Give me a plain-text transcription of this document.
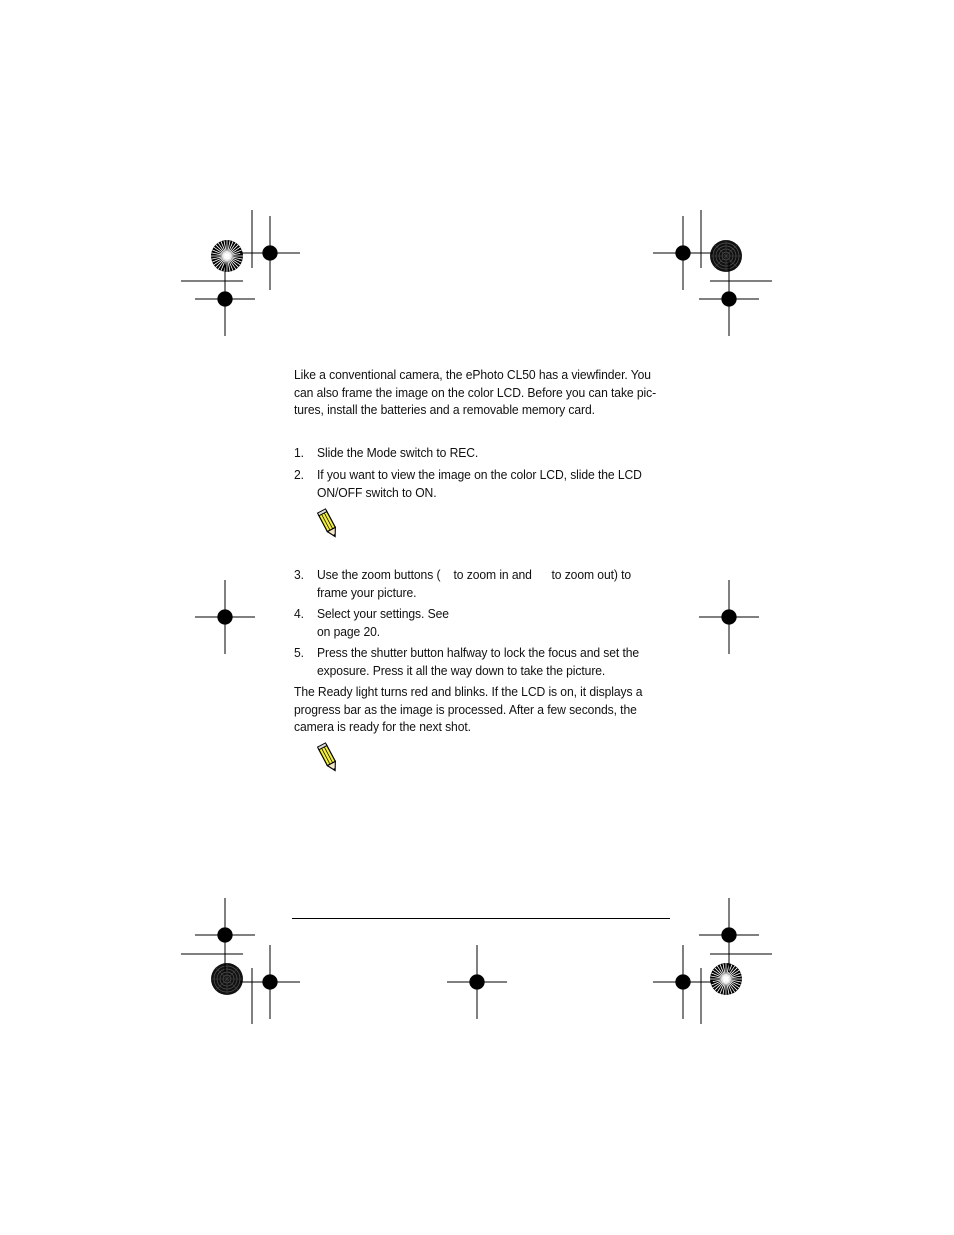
Like a conventional camera, the ePhoto CL50 has a viewfinder. You

can also frame the image on the color LCD. Before you can take pic-

tures, install the batteries and a removable memory card.

1. Slide the Mode switch to REC.
2. If you want to view the image on the color LCD, slide the LCD
ON/OFF switch to ON.
3. Use the zoom buttons (    to zoom in and      to zoom out) to
frame your picture.
4. Select your settings. See
on page 20.
5. Press the shutter button halfway to lock the focus and set the
exposure. Press it all the way down to take the picture.

The Ready light turns red and blinks. If the LCD is on, it displays a

progress bar as the image is processed. After a few seconds, the

camera is ready for the next shot.
